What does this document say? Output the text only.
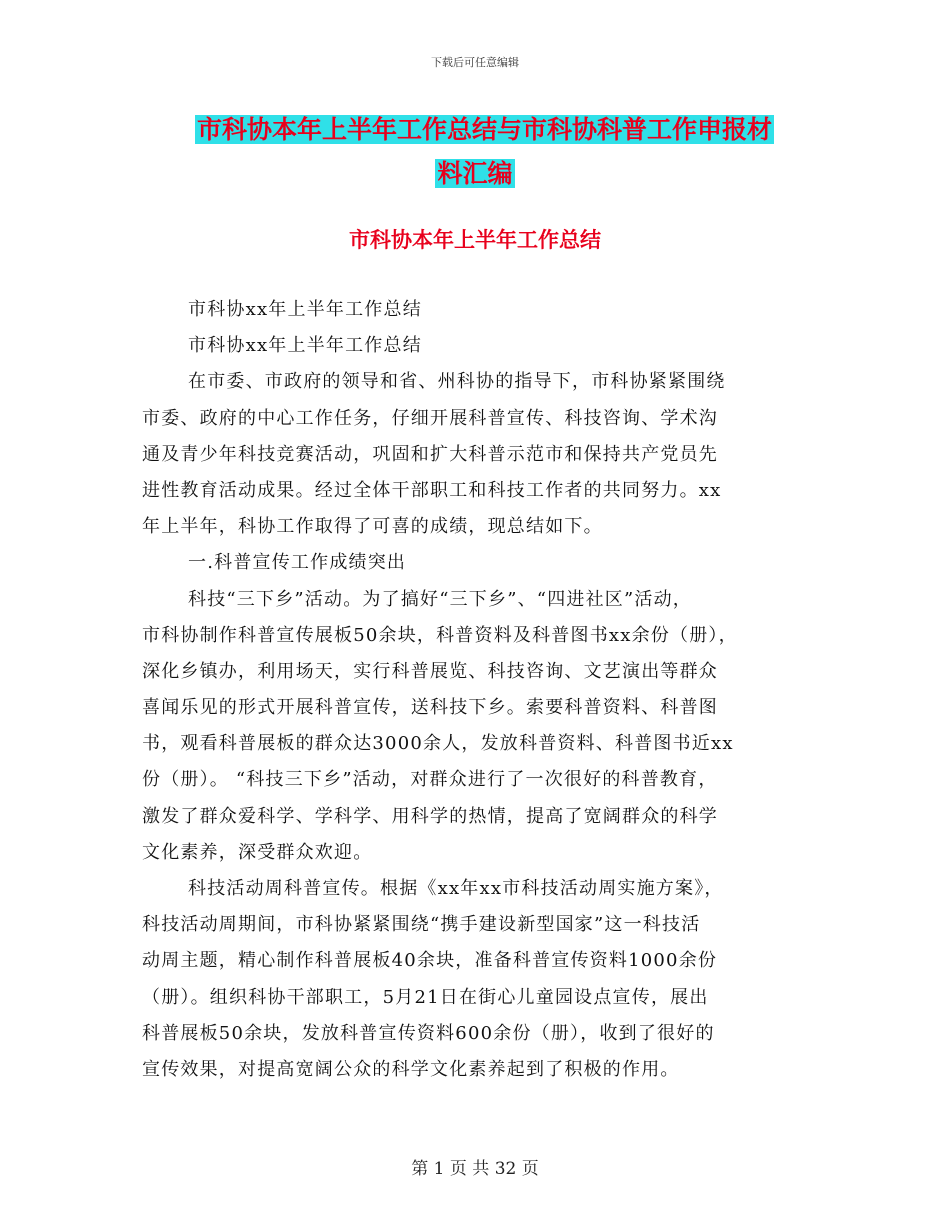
下载后可任意编辑
市科协本年上半年工作总结与市科协科普工作申报材
料汇编
市科协本年上半年工作总结
市科协xx年上半年工作总结
市科协xx年上半年工作总结
在市委、市政府的领导和省、州科协的指导下，市科协紧紧围绕
市委、政府的中心工作任务，仔细开展科普宣传、科技咨询、学术沟
通及青少年科技竞赛活动，巩固和扩大科普示范市和保持共产党员先
进性教育活动成果。经过全体干部职工和科技工作者的共同努力。xx
年上半年，科协工作取得了可喜的成绩，现总结如下。
一.科普宣传工作成绩突出
科技“三下乡”活动。为了搞好“三下乡”、“四进社区”活动，
市科协制作科普宣传展板50余块，科普资料及科普图书xx余份（册），
深化乡镇办，利用场天，实行科普展览、科技咨询、文艺演出等群众
喜闻乐见的形式开展科普宣传，送科技下乡。索要科普资料、科普图
书，观看科普展板的群众达3000余人，发放科普资料、科普图书近xx
份（册）。 “科技三下乡”活动，对群众进行了一次很好的科普教育，
激发了群众爱科学、学科学、用科学的热情，提高了宽阔群众的科学
文化素养，深受群众欢迎。
科技活动周科普宣传。根据《xx年xx市科技活动周实施方案》，
科技活动周期间，市科协紧紧围绕“携手建设新型国家”这一科技活
动周主题，精心制作科普展板40余块，准备科普宣传资料1000余份
（册）。组织科协干部职工，5月21日在街心儿童园设点宣传，展出
科普展板50余块，发放科普宣传资料600余份（册），收到了很好的
宣传效果，对提高宽阔公众的科学文化素养起到了积极的作用。
第 1 页 共 32 页
